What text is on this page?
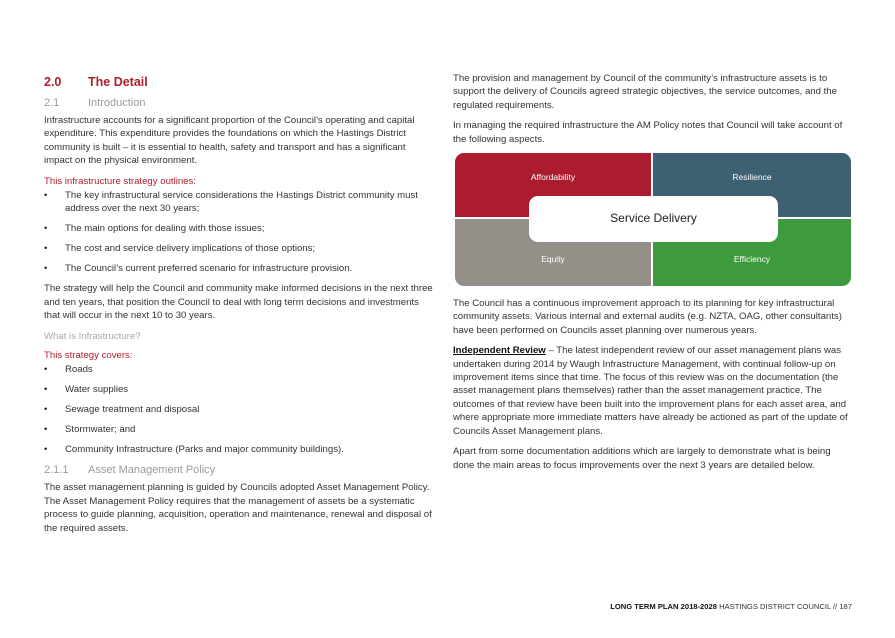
2.0 The Detail
2.1	Introduction

Infrastructure accounts for a significant proportion of the Council’s operating and capital expenditure. This expenditure provides the foundations on which the Hastings District community is built – it is essential to health, safety and transport and has a significant impact on the physical environment.

This infrastructure strategy outlines:
• The key infrastructural service considerations the Hastings District community must address over the next 30 years;
• The main options for dealing with those issues;
• The cost and service delivery implications of those options;
• The Council’s current preferred scenario for infrastructure provision.

The strategy will help the Council and community make informed decisions in the next three and ten years, that position the Council to deal with long term decisions and investments that will occur in the next 10 to 30 years.

What is Infrastructure?
This strategy covers:
• Roads
• Water supplies
• Sewage treatment and disposal
• Stormwater; and
• Community Infrastructure (Parks and major community buildings).
2.1.1 Asset Management Policy

The asset management planning is guided by Councils adopted Asset Management Policy. The Asset Management Policy requires that the management of assets be a systematic process to guide planning, acquisition, operation and maintenance, renewal and disposal of the required assets.

The provision and management by Council of the community’s infrastructure assets is to support the delivery of Councils agreed strategic objectives, the service outcomes, and the regulated requirements.

In managing the required infrastructure the AM Policy notes that Council will take account of the following aspects.

Affordability	Resilience
Equity	Efficiency
Service Delivery

The Council has a continuous improvement approach to its planning for key infrastructural community assets. Various internal and external audits (e.g. NZTA, OAG, other consultants) have been performed on Councils asset planning over numerous years.

Independent Review – The latest independent review of our asset management plans was undertaken during 2014 by Waugh Infrastructure Management, with continual follow-up on improvement items since that time. The focus of this review was on the documentation (the asset management plans themselves) rather than the asset management practice. The outcomes of that review have been built into the improvement plans for each asset area, and where appropriate more immediate matters have already be actioned as part of the update of Councils Asset Management plans.

Apart from some documentation additions which are largely to demonstrate what is being done the main areas to focus improvements over the next 3 years are detailed below.

LONG TERM PLAN 2018-2028 HASTINGS DISTRICT COUNCIL // 187
